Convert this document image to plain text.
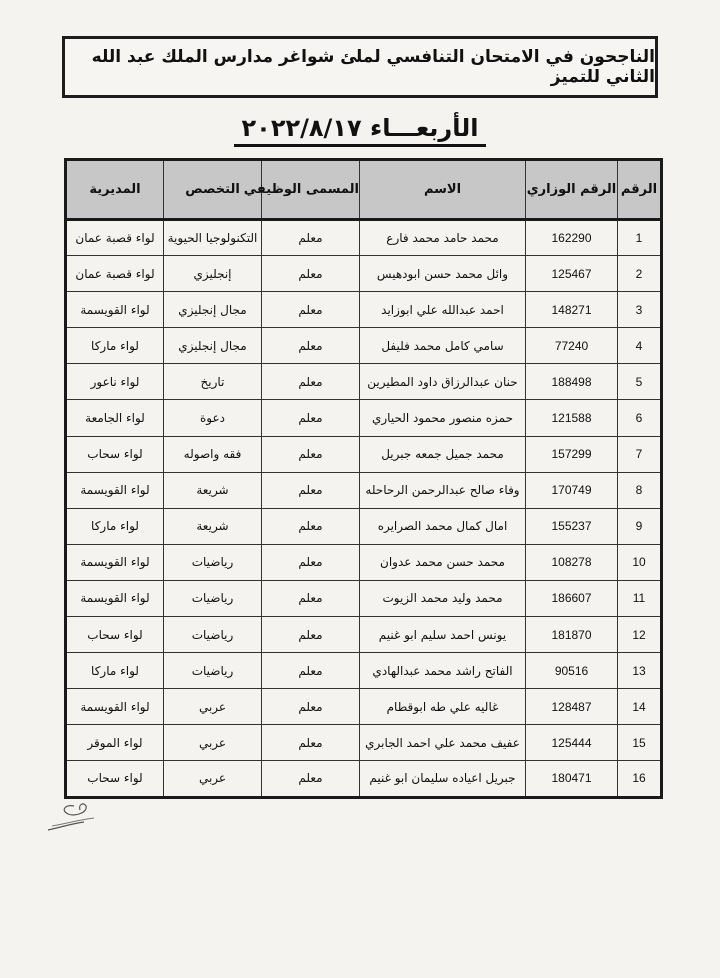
الناجحون في الامتحان التنافسي لملئ شواغر مدارس الملك عبد الله الثاني للتميز
الأربعـــاء ٢٠٢٢/٨/١٧
الرقم	الرقم الوزاري	الاسم	المسمى الوظيفي	التخصص	المديرية
1	162290	محمد حامد محمد فارع	معلم	التكنولوجيا الحيوية	لواء قصبة عمان
2	125467	وائل محمد حسن ابودهيس	معلم	إنجليزي	لواء قصبة عمان
3	148271	احمد عبدالله علي ابوزايد	معلم	مجال إنجليزي	لواء القويسمة
4	77240	سامي كامل محمد فليفل	معلم	مجال إنجليزي	لواء ماركا
5	188498	حنان عبدالرزاق داود المطيرين	معلم	تاريخ	لواء ناعور
6	121588	حمزه منصور محمود الحياري	معلم	دعوة	لواء الجامعة
7	157299	محمد جميل جمعه جبريل	معلم	فقه واصوله	لواء سحاب
8	170749	وفاء صالح عبدالرحمن الرحاحله	معلم	شريعة	لواء القويسمة
9	155237	امال كمال محمد الصرايره	معلم	شريعة	لواء ماركا
10	108278	محمد حسن محمد عدوان	معلم	رياضيات	لواء القويسمة
11	186607	محمد وليد محمد الزيوت	معلم	رياضيات	لواء القويسمة
12	181870	يونس احمد سليم ابو غنيم	معلم	رياضيات	لواء سحاب
13	90516	الفاتح راشد محمد عبدالهادي	معلم	رياضيات	لواء ماركا
14	128487	غاليه علي طه ابوقطام	معلم	عربي	لواء القويسمة
15	125444	عفيف محمد علي احمد الجابري	معلم	عربي	لواء الموقر
16	180471	جبريل اعياده سليمان ابو غنيم	معلم	عربي	لواء سحاب
